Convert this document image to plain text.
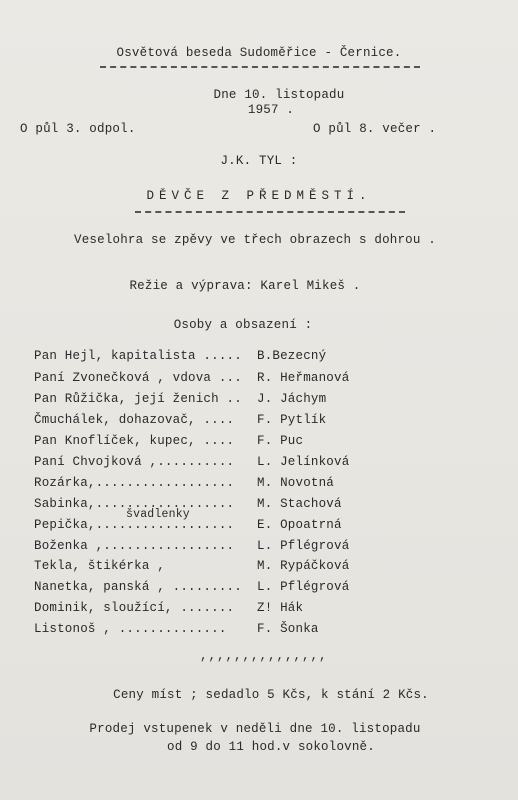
Osvětová beseda Sudoměřice - Černice.
Dne 10. listopadu
1957 .
O půl 3. odpol.	O půl 8. večer .
J.K. TYL :
DĚVČE Z PŘEDMĚSTÍ.
Veselohra se zpěvy ve třech obrazech s dohrou .
Režie a výprava: Karel Mikeš .
Osoby a obsazení :
Pan Hejl, kapitalista ..... B.Bezecný
Paní Zvonečková , vdova ... R. Heřmanová
Pan Růžička, její ženich .. J. Jáchym
Čmuchálek, dohazovač, .... F. Pytlík
Pan Knoflíček, kupec, .... F. Puc
Paní Chvojková ,.......... L. Jelínková
Rozárka,.................. M. Novotná
Sabinka,.................. M. Stachová
švadlenky
Pepička,.................. E. Opoatrná
Boženka ,................. L. Pflégrová
Tekla, štikérka ,	M. Rypáčková
Nanetka, panská , ......... L. Pflégrová
Dominik, sloužící, ....... Z! Hák
Listonoš , .............. F. Šonka
,,,,,,,,,,,,,,,
Ceny míst ; sedadlo 5 Kčs, k stání 2 Kčs.
Prodej vstupenek v neděli dne 10. listopadu
od 9 do 11 hod.v sokolovně.
